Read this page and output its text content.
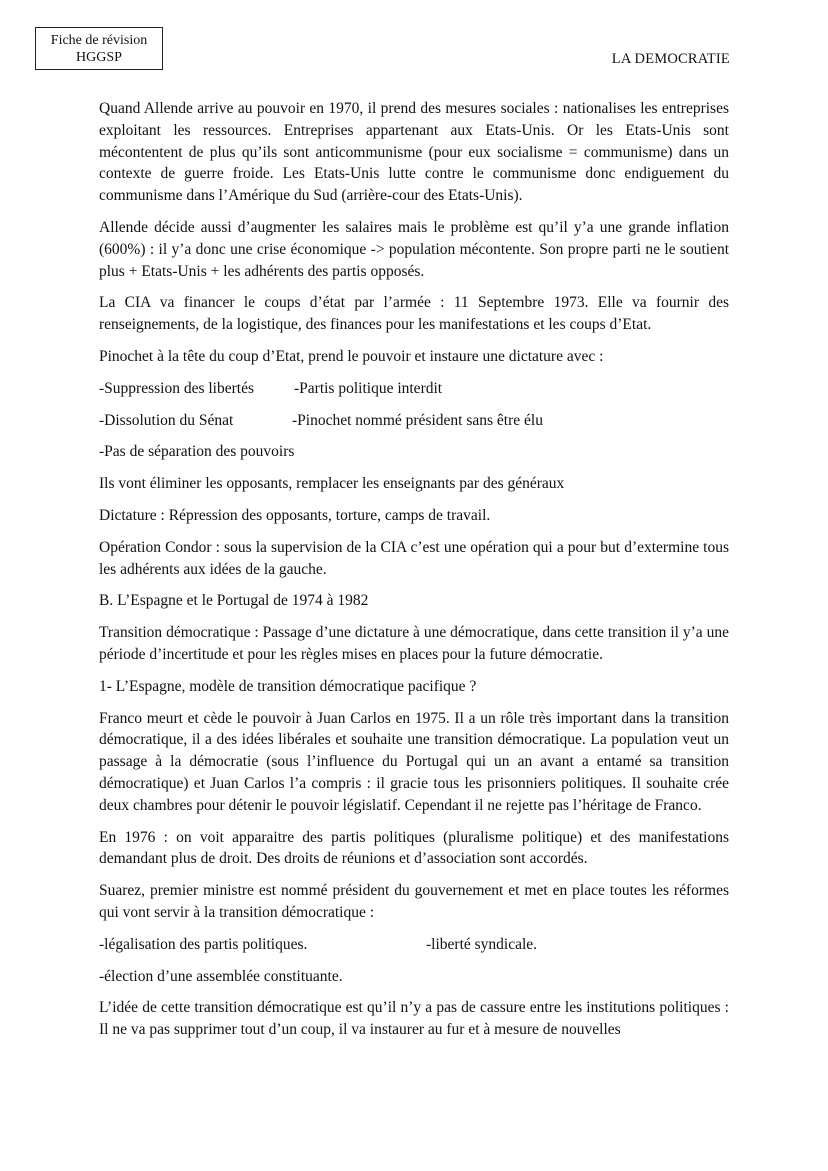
Fiche de révision
HGGSP	LA DEMOCRATIE

Quand Allende arrive au pouvoir en 1970, il prend des mesures sociales : nationalises les entreprises exploitant les ressources. Entreprises appartenant aux Etats-Unis. Or les Etats-Unis sont mécontentent de plus qu’ils sont anticommunisme (pour eux socialisme = communisme) dans un contexte de guerre froide. Les Etats-Unis lutte contre le communisme donc endiguement du communisme dans l’Amérique du Sud (arrière-cour des Etats-Unis).

Allende décide aussi d’augmenter les salaires mais le problème est qu’il y’a une grande inflation (600%) : il y’a donc une crise économique -> population mécontente. Son propre parti ne le soutient plus + Etats-Unis + les adhérents des partis opposés.

La CIA va financer le coups d’état par l’armée : 11 Septembre 1973. Elle va fournir des renseignements, de la logistique, des finances pour les manifestations et les coups d’Etat.

Pinochet à la tête du coup d’Etat, prend le pouvoir et instaure une dictature avec :

-Suppression des libertés	-Partis politique interdit
-Dissolution du Sénat	-Pinochet nommé président sans être élu
-Pas de séparation des pouvoirs

Ils vont éliminer les opposants, remplacer les enseignants par des généraux

Dictature : Répression des opposants, torture, camps de travail.

Opération Condor : sous la supervision de la CIA c’est une opération qui a pour but d’extermine tous les adhérents aux idées de la gauche.

B. L’Espagne et le Portugal de 1974 à 1982

Transition démocratique : Passage d’une dictature à une démocratique, dans cette transition il y’a une période d’incertitude et pour les règles mises en places pour la future démocratie.

1- L’Espagne, modèle de transition démocratique pacifique ?

Franco meurt et cède le pouvoir à Juan Carlos en 1975. Il a un rôle très important dans la transition démocratique, il a des idées libérales et souhaite une transition démocratique. La population veut un passage à la démocratie (sous l’influence du Portugal qui un an avant a entamé sa transition démocratique) et Juan Carlos l’a compris : il gracie tous les prisonniers politiques. Il souhaite crée deux chambres pour détenir le pouvoir législatif. Cependant il ne rejette pas l’héritage de Franco.

En 1976 : on voit apparaitre des partis politiques (pluralisme politique) et des manifestations demandant plus de droit. Des droits de réunions et d’association sont accordés.

Suarez, premier ministre est nommé président du gouvernement et met en place toutes les réformes qui vont servir à la transition démocratique :

-légalisation des partis politiques.	-liberté syndicale.
-élection d’une assemblée constituante.

L’idée de cette transition démocratique est qu’il n’y a pas de cassure entre les institutions politiques : Il ne va pas supprimer tout d’un coup, il va instaurer au fur et à mesure de nouvelles
